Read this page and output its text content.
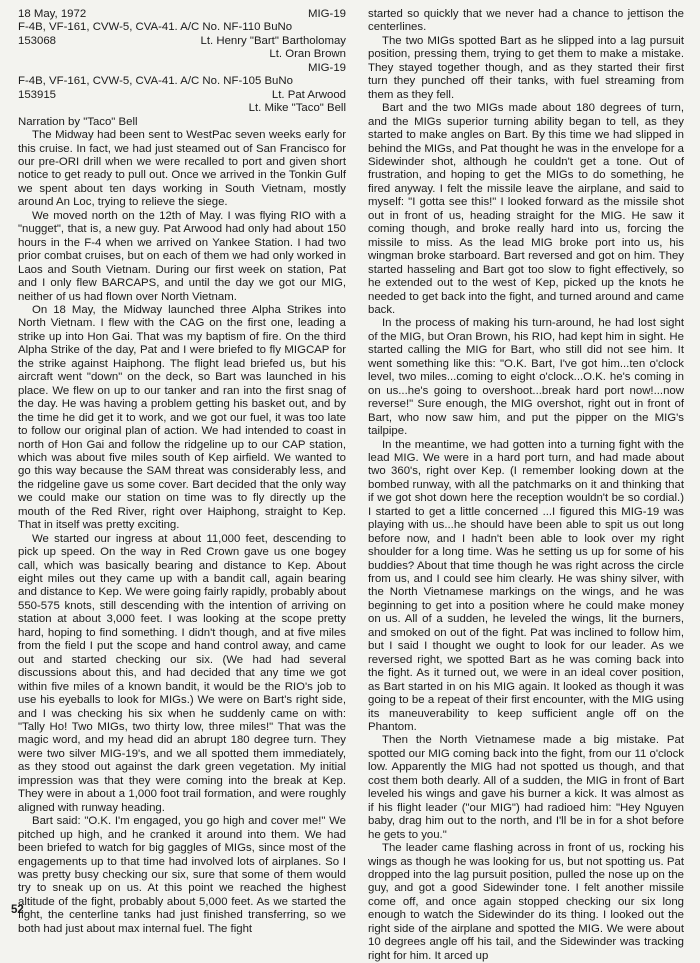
18 May, 1972	MIG-19
F-4B, VF-161, CVW-5, CVA-41. A/C No. NF-110 BuNo
153068	Lt. Henry "Bart" Bartholomay
Lt. Oran Brown
MIG-19
F-4B, VF-161, CVW-5, CVA-41. A/C No. NF-105 BuNo
153915	Lt. Pat Arwood
Lt. Mike "Taco" Bell
Narration by "Taco" Bell

The Midway had been sent to WestPac seven weeks early for this cruise. In fact, we had just steamed out of San Francisco for our pre-ORI drill when we were recalled to port and given short notice to get ready to pull out. Once we arrived in the Tonkin Gulf we spent about ten days working in South Vietnam, mostly around An Loc, trying to relieve the siege.

We moved north on the 12th of May. I was flying RIO with a "nugget", that is, a new guy. Pat Arwood had only had about 150 hours in the F-4 when we arrived on Yankee Station. I had two prior combat cruises, but on each of them we had only worked in Laos and South Vietnam. During our first week on station, Pat and I only flew BARCAPS, and until the day we got our MIG, neither of us had flown over North Vietnam.

On 18 May, the Midway launched three Alpha Strikes into North Vietnam. I flew with the CAG on the first one, leading a strike up into Hon Gai. That was my baptism of fire. On the third Alpha Strike of the day, Pat and I were briefed to fly MIGCAP for the strike against Haiphong. The flight lead briefed us, but his aircraft went "down" on the deck, so Bart was launched in his place. We flew on up to our tanker and ran into the first snag of the day. He was having a problem getting his basket out, and by the time he did get it to work, and we got our fuel, it was too late to follow our original plan of action. We had intended to coast in north of Hon Gai and follow the ridgeline up to our CAP station, which was about five miles south of Kep airfield. We wanted to go this way because the SAM threat was considerably less, and the ridgeline gave us some cover. Bart decided that the only way we could make our station on time was to fly directly up the mouth of the Red River, right over Haiphong, straight to Kep. That in itself was pretty exciting.

We started our ingress at about 11,000 feet, descending to pick up speed. On the way in Red Crown gave us one bogey call, which was basically bearing and distance to Kep. About eight miles out they came up with a bandit call, again bearing and distance to Kep. We were going fairly rapidly, probably about 550-575 knots, still descending with the intention of arriving on station at about 3,000 feet. I was looking at the scope pretty hard, hoping to find something. I didn't though, and at five miles from the field I put the scope and hand control away, and came out and started checking our six. (We had had several discussions about this, and had decided that any time we got within five miles of a known bandit, it would be the RIO's job to use his eyeballs to look for MIGs.) We were on Bart's right side, and I was checking his six when he suddenly came on with: "Tally Ho! Two MIGs, two thirty low, three miles!" That was the magic word, and my head did an abrupt 180 degree turn. They were two silver MIG-19's, and we all spotted them immediately, as they stood out against the dark green vegetation. My initial impression was that they were coming into the break at Kep. They were in about a 1,000 foot trail formation, and were roughly aligned with runway heading.

Bart said: "O.K. I'm engaged, you go high and cover me!" We pitched up high, and he cranked it around into them. We had been briefed to watch for big gaggles of MIGs, since most of the engagements up to that time had involved lots of airplanes. So I was pretty busy checking our six, sure that some of them would try to sneak up on us. At this point we reached the highest altitude of the fight, probably about 5,000 feet. As we started the fight, the centerline tanks had just finished transferring, so we both had just about max internal fuel. The fight

started so quickly that we never had a chance to jettison the centerlines.

The two MIGs spotted Bart as he slipped into a lag pursuit position, pressing them, trying to get them to make a mistake. They stayed together though, and as they started their first turn they punched off their tanks, with fuel streaming from them as they fell.

Bart and the two MIGs made about 180 degrees of turn, and the MIGs superior turning ability began to tell, as they started to make angles on Bart. By this time we had slipped in behind the MIGs, and Pat thought he was in the envelope for a Sidewinder shot, although he couldn't get a tone. Out of frustration, and hoping to get the MIGs to do something, he fired anyway. I felt the missile leave the airplane, and said to myself: "I gotta see this!" I looked forward as the missile shot out in front of us, heading straight for the MIG. He saw it coming though, and broke really hard into us, forcing the missile to miss. As the lead MIG broke port into us, his wingman broke starboard. Bart reversed and got on him. They started hasseling and Bart got too slow to fight effectively, so he extended out to the west of Kep, picked up the knots he needed to get back into the fight, and turned around and came back.

In the process of making his turn-around, he had lost sight of the MIG, but Oran Brown, his RIO, had kept him in sight. He started calling the MIG for Bart, who still did not see him. It went something like this: "O.K. Bart, I've got him...ten o'clock level, two miles...coming to eight o'clock...O.K. he's coming in on us...he's going to overshoot...break hard port now!...now reverse!" Sure enough, the MIG overshot, right out in front of Bart, who now saw him, and put the pipper on the MIG's tailpipe.

In the meantime, we had gotten into a turning fight with the lead MIG. We were in a hard port turn, and had made about two 360's, right over Kep. (I remember looking down at the bombed runway, with all the patchmarks on it and thinking that if we got shot down here the reception wouldn't be so cordial.) I started to get a little concerned ...I figured this MIG-19 was playing with us...he should have been able to spit us out long before now, and I hadn't been able to look over my right shoulder for a long time. Was he setting us up for some of his buddies? About that time though he was right across the circle from us, and I could see him clearly. He was shiny silver, with the North Vietnamese markings on the wings, and he was beginning to get into a position where he could make money on us. All of a sudden, he leveled the wings, lit the burners, and smoked on out of the fight. Pat was inclined to follow him, but I said I thought we ought to look for our leader. As we reversed right, we spotted Bart as he was coming back into the fight. As it turned out, we were in an ideal cover position, as Bart started in on his MIG again. It looked as though it was going to be a repeat of their first encounter, with the MIG using its maneuverability to keep sufficient angle off on the Phantom.

Then the North Vietnamese made a big mistake. Pat spotted our MIG coming back into the fight, from our 11 o'clock low. Apparently the MIG had not spotted us though, and that cost them both dearly. All of a sudden, the MIG in front of Bart leveled his wings and gave his burner a kick. It was almost as if his flight leader ("our MIG") had radioed him: "Hey Nguyen baby, drag him out to the north, and I'll be in for a shot before he gets to you."

The leader came flashing across in front of us, rocking his wings as though he was looking for us, but not spotting us. Pat dropped into the lag pursuit position, pulled the nose up on the guy, and got a good Sidewinder tone. I felt another missile come off, and once again stopped checking our six long enough to watch the Sidewinder do its thing. I looked out the right side of the airplane and spotted the MIG. We were about 10 degrees angle off his tail, and the Sidewinder was tracking right for him. It arced up

52
